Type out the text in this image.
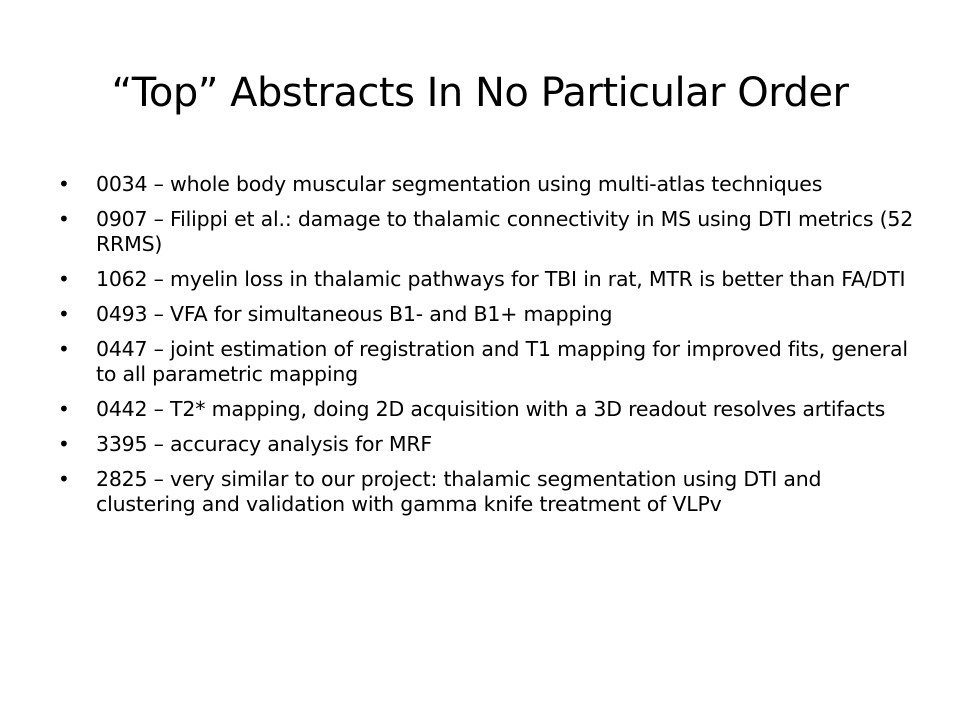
“Top” Abstracts In No Particular Order
• 0034 – whole body muscular segmentation using multi-atlas techniques
• 0907 – Filippi et al.: damage to thalamic connectivity in MS using DTI metrics (52 RRMS)
• 1062 – myelin loss in thalamic pathways for TBI in rat, MTR is better than FA/DTI
• 0493 – VFA for simultaneous B1- and B1+ mapping
• 0447 – joint estimation of registration and T1 mapping for improved fits, general to all parametric mapping
• 0442 – T2* mapping, doing 2D acquisition with a 3D readout resolves artifacts
• 3395 – accuracy analysis for MRF
• 2825 – very similar to our project: thalamic segmentation using DTI and clustering and validation with gamma knife treatment of VLPv
